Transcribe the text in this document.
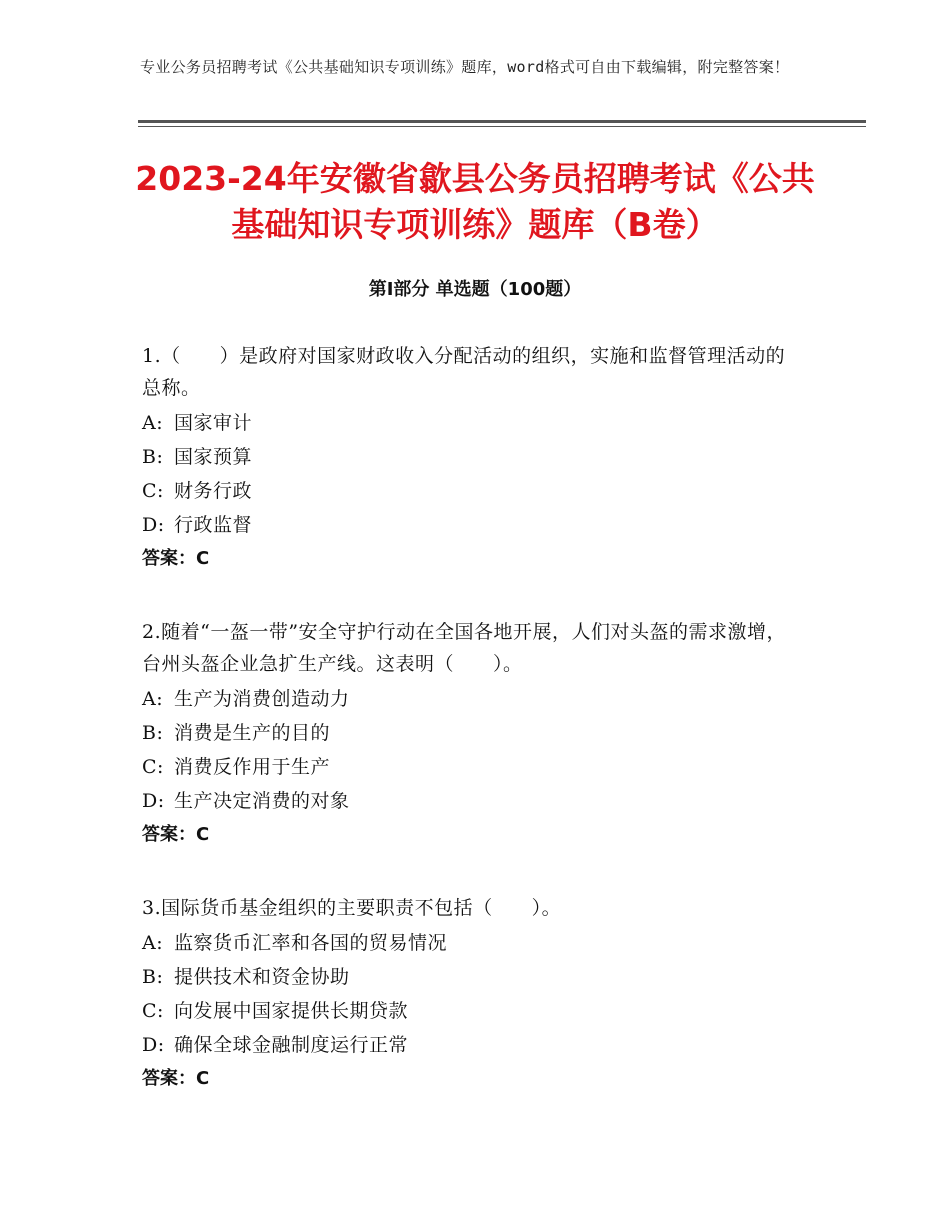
专业公务员招聘考试《公共基础知识专项训练》题库，word格式可自由下载编辑，附完整答案！
2023-24年安徽省歙县公务员招聘考试《公共基础知识专项训练》题库（B卷）
第Ⅰ部分 单选题（100题）

1.（　　）是政府对国家财政收入分配活动的组织，实施和监督管理活动的总称。

A: 国家审计
B: 国家预算
C: 财务行政
D: 行政监督
答案：C

2.随着“一盔一带”安全守护行动在全国各地开展，人们对头盔的需求激增，台州头盔企业急扩生产线。这表明（　　）。

A: 生产为消费创造动力
B: 消费是生产的目的
C: 消费反作用于生产
D: 生产决定消费的对象
答案：C

3.国际货币基金组织的主要职责不包括（　　）。

A: 监察货币汇率和各国的贸易情况
B: 提供技术和资金协助
C: 向发展中国家提供长期贷款
D: 确保全球金融制度运行正常
答案：C
